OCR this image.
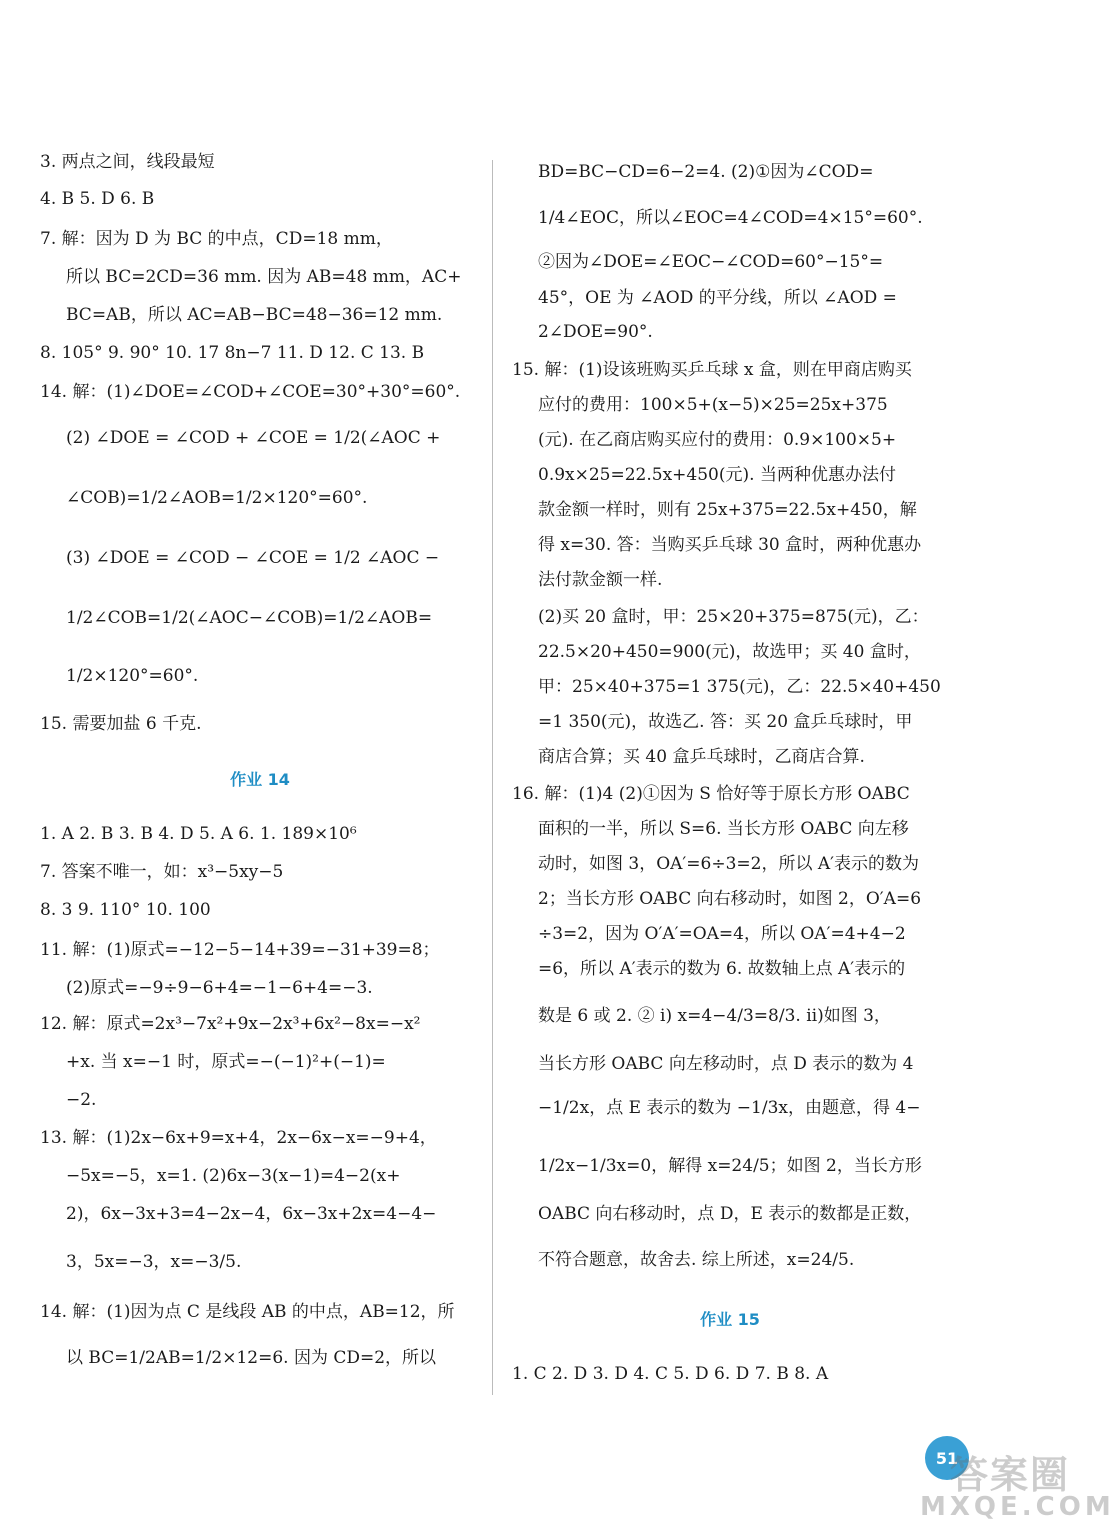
3. 两点之间，线段最短
4. B 5. D 6. B
7. 解：因为 D 为 BC 的中点，CD=18 mm，
所以 BC=2CD=36 mm. 因为 AB=48 mm，AC+
BC=AB，所以 AC=AB−BC=48−36=12 mm.
8. 105° 9. 90° 10. 17 8n−7 11. D 12. C 13. B
14. 解：(1)∠DOE=∠COD+∠COE=30°+30°=60°.
(2) ∠DOE = ∠COD + ∠COE = 1/2(∠AOC +
∠COB)=1/2∠AOB=1/2×120°=60°.
(3) ∠DOE = ∠COD − ∠COE = 1/2 ∠AOC −
1/2∠COB=1/2(∠AOC−∠COB)=1/2∠AOB=
1/2×120°=60°.
15. 需要加盐 6 千克.
作业 14
1. A 2. B 3. B 4. D 5. A 6. 1. 189×10⁶
7. 答案不唯一，如：x³−5xy−5
8. 3 9. 110° 10. 100
11. 解：(1)原式=−12−5−14+39=−31+39=8；
(2)原式=−9÷9−6+4=−1−6+4=−3.
12. 解：原式=2x³−7x²+9x−2x³+6x²−8x=−x²
+x. 当 x=−1 时，原式=−(−1)²+(−1)=
−2.
13. 解：(1)2x−6x+9=x+4，2x−6x−x=−9+4，
−5x=−5，x=1. (2)6x−3(x−1)=4−2(x+
2)，6x−3x+3=4−2x−4，6x−3x+2x=4−4−
3，5x=−3，x=−3/5.
14. 解：(1)因为点 C 是线段 AB 的中点，AB=12，所
以 BC=1/2AB=1/2×12=6. 因为 CD=2，所以
BD=BC−CD=6−2=4. (2)①因为∠COD=
1/4∠EOC，所以∠EOC=4∠COD=4×15°=60°.
②因为∠DOE=∠EOC−∠COD=60°−15°=
45°，OE 为 ∠AOD 的平分线，所以 ∠AOD =
2∠DOE=90°.
15. 解：(1)设该班购买乒乓球 x 盒，则在甲商店购买
应付的费用：100×5+(x−5)×25=25x+375
(元). 在乙商店购买应付的费用：0.9×100×5+
0.9x×25=22.5x+450(元). 当两种优惠办法付
款金额一样时，则有 25x+375=22.5x+450，解
得 x=30. 答：当购买乒乓球 30 盒时，两种优惠办
法付款金额一样.
(2)买 20 盒时，甲：25×20+375=875(元)，乙：
22.5×20+450=900(元)，故选甲；买 40 盒时，
甲：25×40+375=1 375(元)，乙：22.5×40+450
=1 350(元)，故选乙. 答：买 20 盒乒乓球时，甲
商店合算；买 40 盒乒乓球时，乙商店合算.
16. 解：(1)4 (2)①因为 S 恰好等于原长方形 OABC
面积的一半，所以 S=6. 当长方形 OABC 向左移
动时，如图 3，OA′=6÷3=2，所以 A′表示的数为
2；当长方形 OABC 向右移动时，如图 2，O′A=6
÷3=2，因为 O′A′=OA=4，所以 OA′=4+4−2
=6，所以 A′表示的数为 6. 故数轴上点 A′表示的
数是 6 或 2. ② ⅰ) x=4−4/3=8/3. ⅱ)如图 3，
当长方形 OABC 向左移动时，点 D 表示的数为 4
−1/2x，点 E 表示的数为 −1/3x，由题意，得 4−
1/2x−1/3x=0，解得 x=24/5；如图 2，当长方形
OABC 向右移动时，点 D，E 表示的数都是正数，
不符合题意，故舍去. 综上所述，x=24/5.
作业 15
1. C 2. D 3. D 4. C 5. D 6. D 7. B 8. A
51
答案圈
MXQE.COM
